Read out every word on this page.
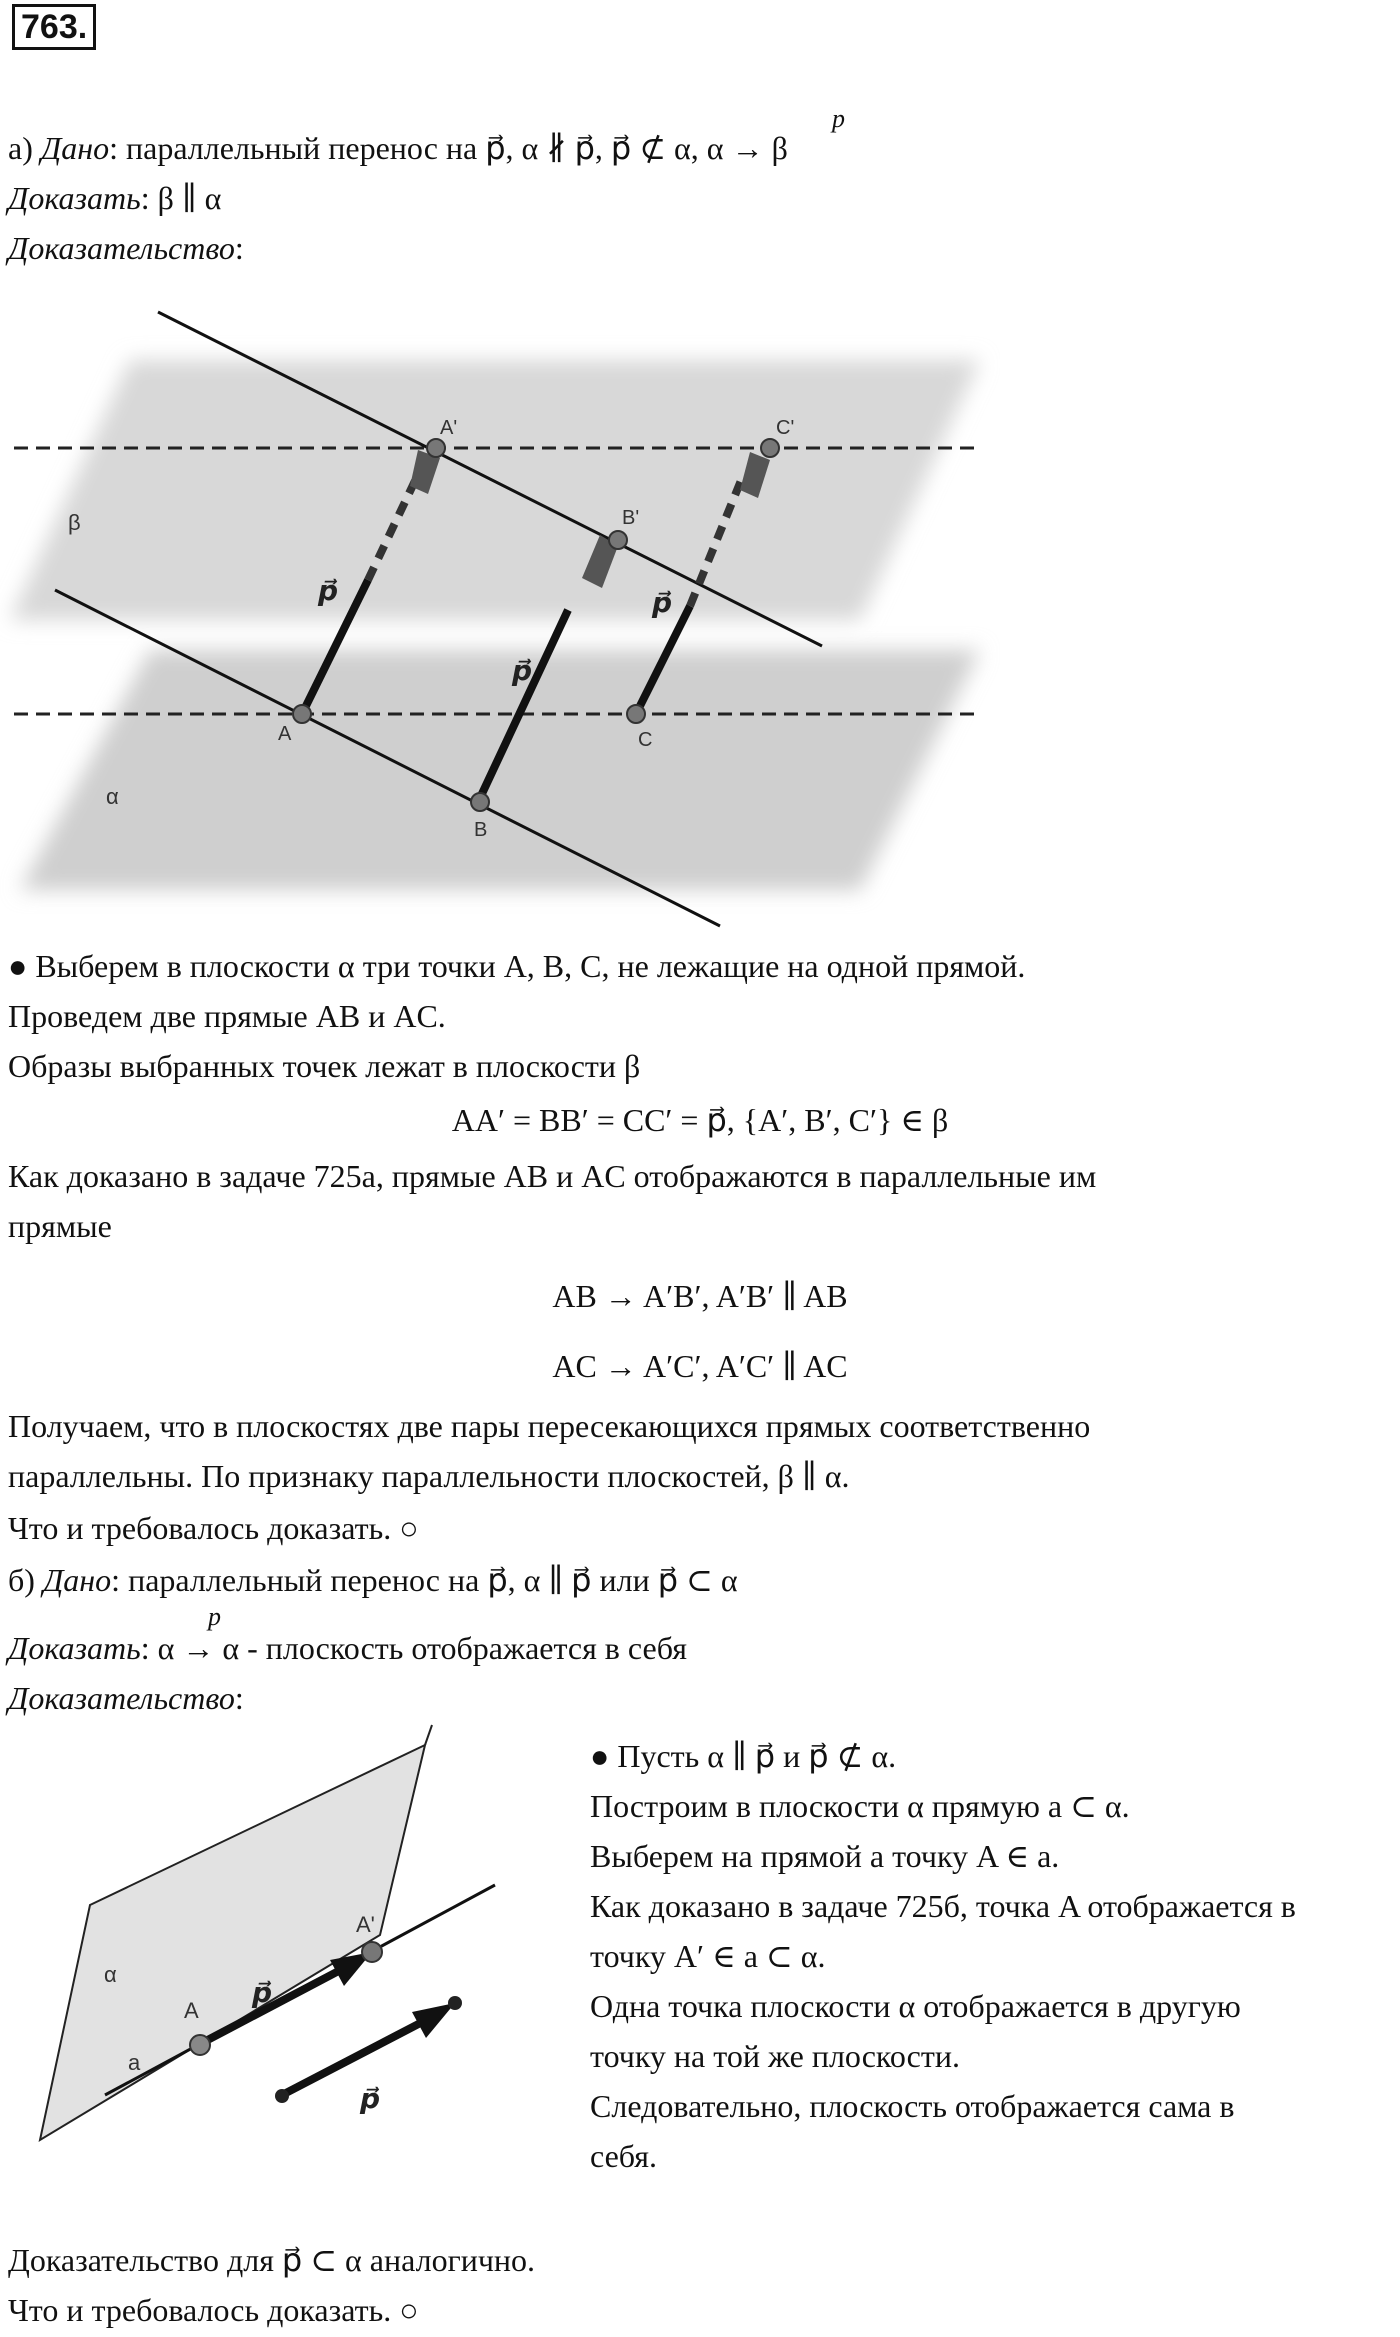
763.
p⃗
а) Дано: параллельный перенос на p⃗, α ∦ p⃗, p⃗ ⊄ α, α → β
Доказать: β ∥ α
Доказательство:
A'	C'
B'
A	C
B
β
α
p⃗
p⃗
p⃗
● Выберем в плоскости α три точки A, B, C, не лежащие на одной прямой.
Проведем две прямые AB и AC.
Образы выбранных точек лежат в плоскости β
AA′ = BB′ = CC′ = p⃗, {A′, B′, C′} ∈ β
Как доказано в задаче 725а, прямые AB и AC отображаются в параллельные им
прямые
AB → A′B′, A′B′ ∥ AB
AC → A′C′, A′C′ ∥ AC
Получаем, что в плоскостях две пары пересекающихся прямых соответственно
параллельны. По признаку параллельности плоскостей, β ∥ α.
Что и требовалось доказать. ○
б) Дано: параллельный перенос на p⃗, α ∥ p⃗ или p⃗ ⊂ α
p⃗
Доказать: α → α - плоскость отображается в себя
Доказательство:
α
a
A
A'
p⃗
p⃗
● Пусть α ∥ p⃗ и p⃗ ⊄ α.
Построим в плоскости α прямую a ⊂ α.
Выберем на прямой a точку A ∈ a.
Как доказано в задаче 725б, точка A отображается в
точку A′ ∈ a ⊂ α.
Одна точка плоскости α отображается в другую
точку на той же плоскости.
Следовательно, плоскость отображается сама в
себя.
Доказательство для p⃗ ⊂ α аналогично.
Что и требовалось доказать. ○
